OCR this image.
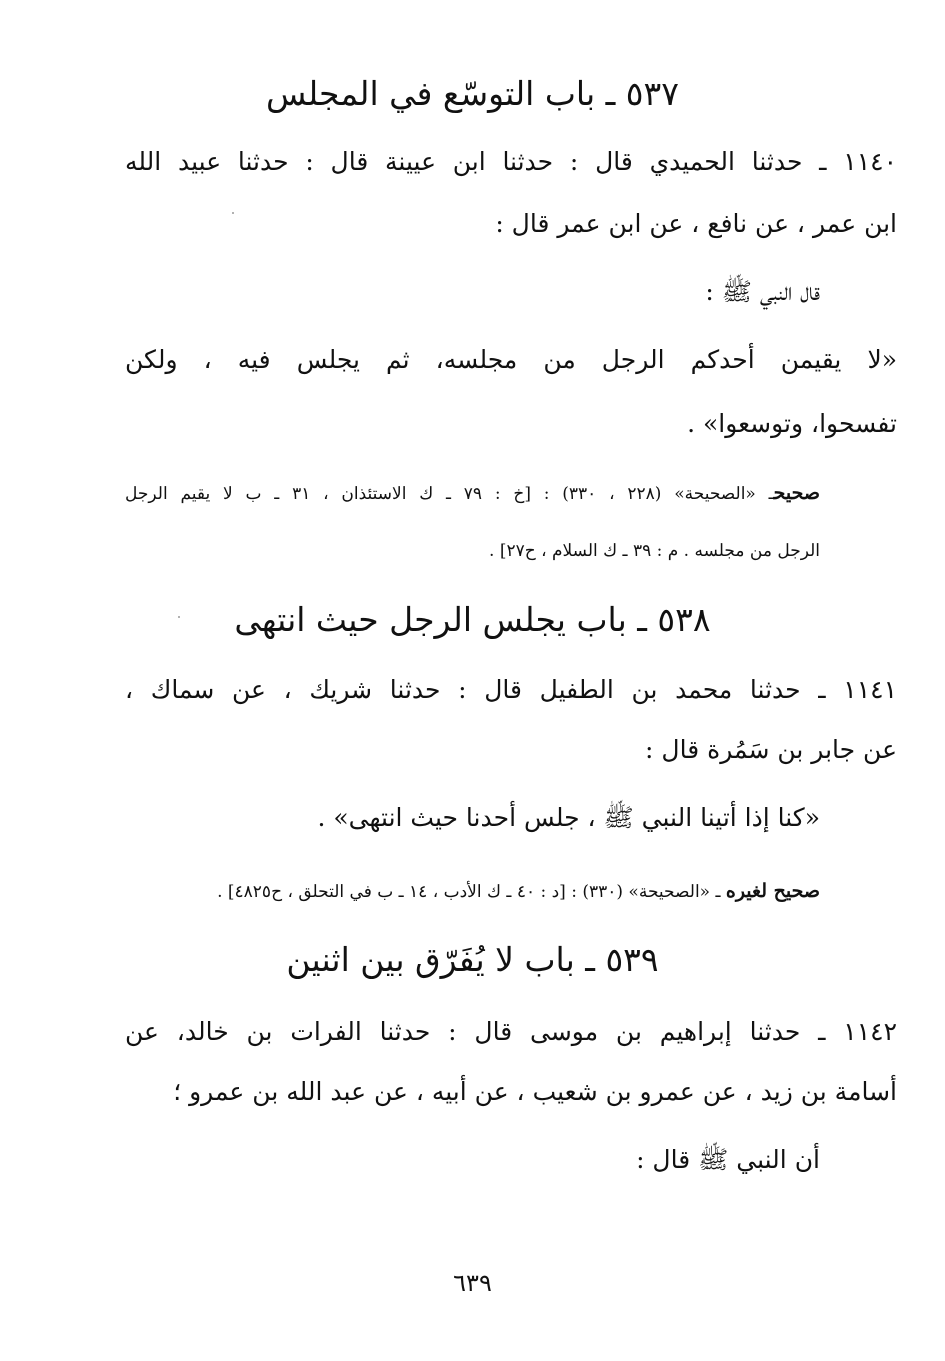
٥٣٧ ـ باب التوسّع في المجلس
١١٤٠ ـ حدثنا الحميدي قال : حدثنا ابن عيينة قال : حدثنا عبيد الله
ابن عمر ، عن نافع ، عن ابن عمر قال :
قال النبي ﷺ :
«لا يقيمن أحدكم الرجل من مجلسه، ثم يجلس فيه ، ولكن
تفسحوا، وتوسعوا» .
صحيحـ «الصحيحة» (٢٢٨ ، ٣٣٠) : [خ : ٧٩ ـ ك الاستئذان ، ٣١ ـ ب لا يقيم الرجل
الرجل من مجلسه . م : ٣٩ ـ ك السلام ، ح٢٧] .
٥٣٨ ـ باب يجلس الرجل حيث انتهى
١١٤١ ـ حدثنا محمد بن الطفيل قال : حدثنا شريك ، عن سماك ،
عن جابر بن سَمُرة قال :
«كنا إذا أتينا النبي ﷺ ، جلس أحدنا حيث انتهى» .
صحيح لغيره ـ «الصحيحة» (٣٣٠) : [د : ٤٠ ـ ك الأدب ، ١٤ ـ ب في التحلق ، ح٤٨٢٥] .
٥٣٩ ـ باب لا يُفَرّق بين اثنين
١١٤٢ ـ حدثنا إبراهيم بن موسى قال : حدثنا الفرات بن خالد، عن
أسامة بن زيد ، عن عمرو بن شعيب ، عن أبيه ، عن عبد الله بن عمرو ؛
أن النبي ﷺ قال :
٦٣٩
